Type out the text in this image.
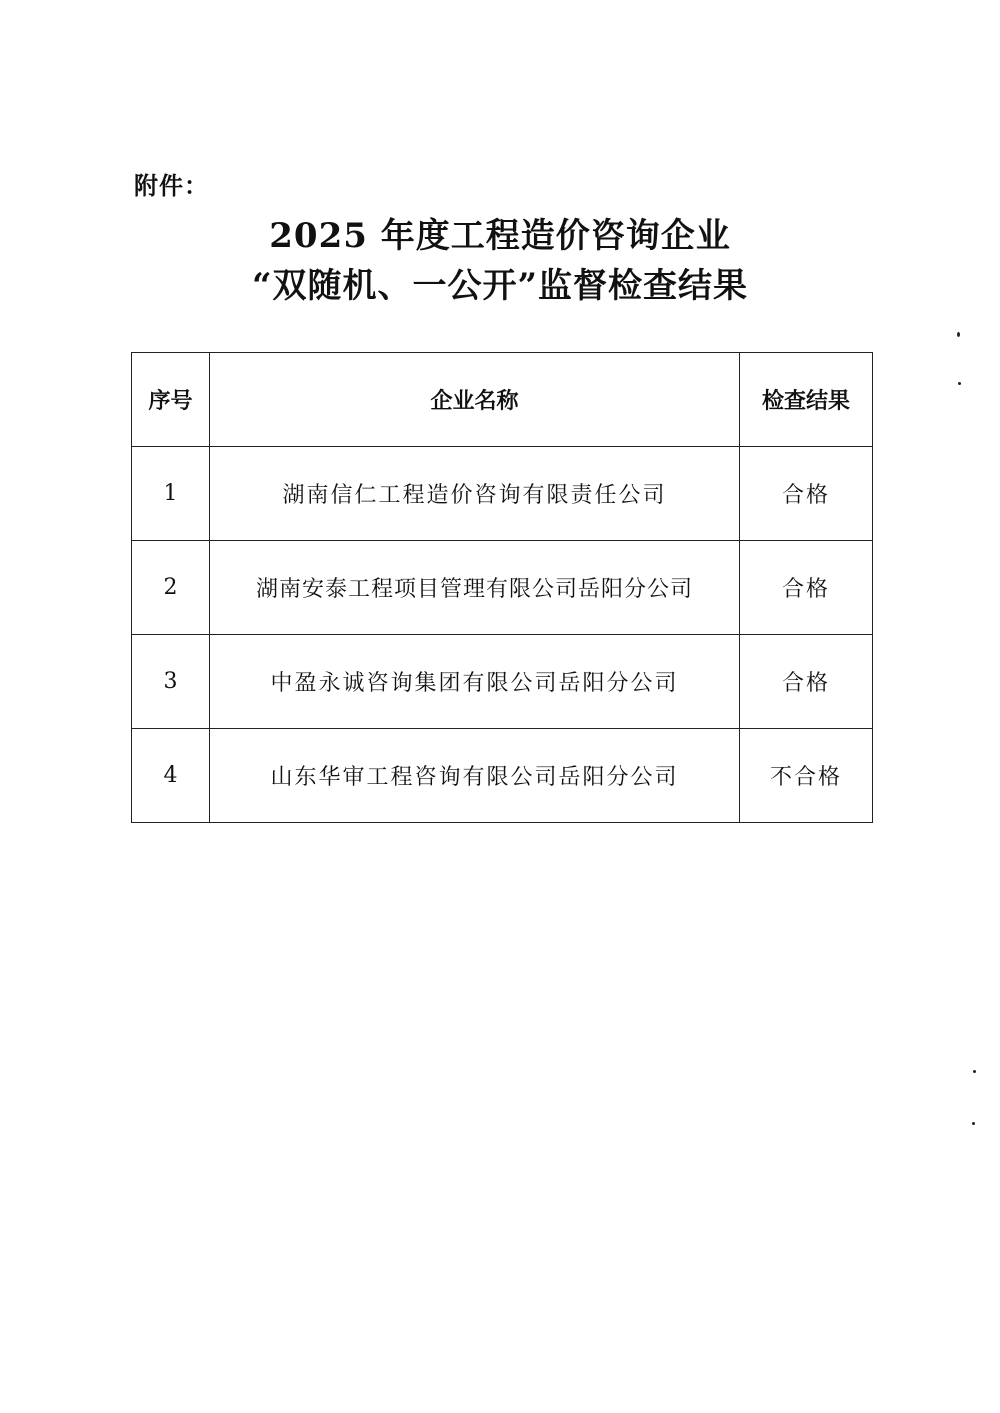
附件：
2025 年度工程造价咨询企业
“双随机、一公开”监督检查结果
序号	企业名称	检查结果
1	湖南信仁工程造价咨询有限责任公司	合格
2	湖南安泰工程项目管理有限公司岳阳分公司	合格
3	中盈永诚咨询集团有限公司岳阳分公司	合格
4	山东华审工程咨询有限公司岳阳分公司	不合格
